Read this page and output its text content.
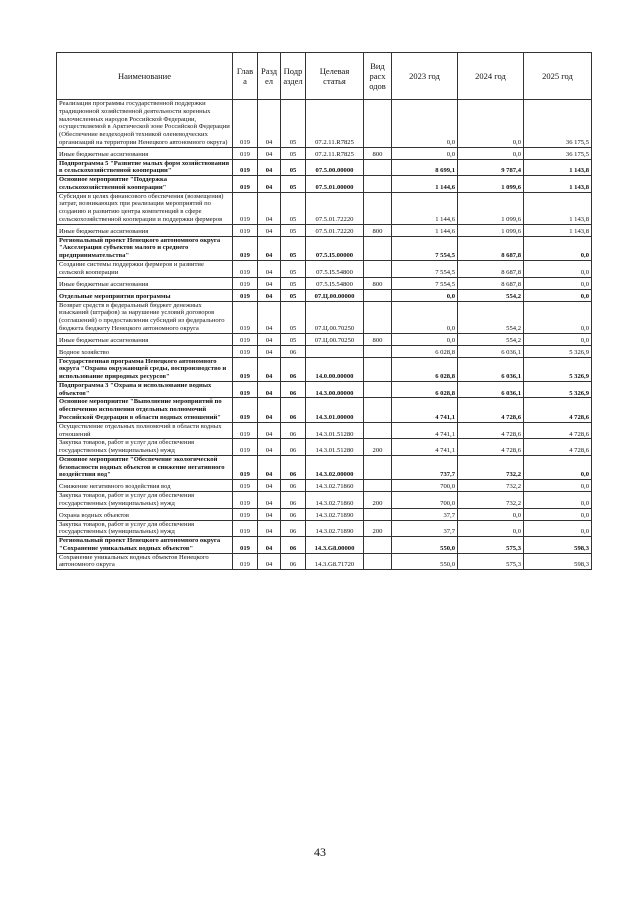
Наименование	Глав а	Разд ел	Подр аздел	Целевая статья	Вид расх одов	2023 год	2024 год	2025 год
Реализация программы государственной поддержки традиционной хозяйственной деятельности коренных малочисленных народов Российской Федерации, осуществляемой в Арктической зоне Российской Федерации (Обеспечение вездеходной техникой оленеводческих организаций на территории Ненецкого автономного округа)	019	04	05	07.2.11.R7825		0,0	0,0	36 175,5
Иные бюджетные ассигнования	019	04	05	07.2.11.R7825	800	0,0	0,0	36 175,5
Подпрограмма 5 "Развитие малых форм хозяйствования в сельскохозяйственной кооперации"	019	04	05	07.5.00.00000		8 699,1	9 787,4	1 143,8
Основное мероприятие "Поддержка сельскохозяйственной кооперации"	019	04	05	07.5.01.00000		1 144,6	1 099,6	1 143,8
Субсидия в целях финансового обеспечения (возмещения) затрат, возникающих при реализации мероприятий по созданию и развитию центра компетенций в сфере сельскохозяйственной кооперации и поддержки фермеров	019	04	05	07.5.01.72220		1 144,6	1 099,6	1 143,8
Иные бюджетные ассигнования	019	04	05	07.5.01.72220	800	1 144,6	1 099,6	1 143,8
Региональный проект Ненецкого автономного округа "Акселерация субъектов малого и среднего предпринимательства"	019	04	05	07.5.I5.00000		7 554,5	8 687,8	0,0
Создание системы поддержки фермеров и развитие сельской кооперации	019	04	05	07.5.I5.54800		7 554,5	8 687,8	0,0
Иные бюджетные ассигнования	019	04	05	07.5.I5.54800	800	7 554,5	8 687,8	0,0
Отдельные мероприятия программы	019	04	05	07.Ц.00.00000		0,0	554,2	0,0
Возврат средств в федеральный бюджет денежных взысканий (штрафов) за нарушение условий договоров (соглашений) о предоставлении субсидий из федерального бюджета бюджету Ненецкого автономного округа	019	04	05	07.Ц.00.70250		0,0	554,2	0,0
Иные бюджетные ассигнования	019	04	05	07.Ц.00.70250	800	0,0	554,2	0,0
Водное хозяйство	019	04	06			6 028,8	6 036,1	5 326,9
Государственная программа Ненецкого автономного округа "Охрана окружающей среды, воспроизводство и использование природных ресурсов"	019	04	06	14.0.00.00000		6 028,8	6 036,1	5 326,9
Подпрограмма 3 "Охрана и использование водных объектов"	019	04	06	14.3.00.00000		6 028,8	6 036,1	5 326,9
Основное мероприятие "Выполнение мероприятий по обеспечению исполнения отдельных полномочий Российской Федерации в области водных отношений"	019	04	06	14.3.01.00000		4 741,1	4 728,6	4 728,6
Осуществление отдельных полномочий в области водных отношений	019	04	06	14.3.01.51280		4 741,1	4 728,6	4 728,6
Закупка товаров, работ и услуг для обеспечения государственных (муниципальных) нужд	019	04	06	14.3.01.51280	200	4 741,1	4 728,6	4 728,6
Основное мероприятие "Обеспечение экологической безопасности водных объектов и снижение негативного воздействия вод"	019	04	06	14.3.02.00000		737,7	732,2	0,0
Снижение негативного воздействия вод	019	04	06	14.3.02.71860		700,0	732,2	0,0
Закупка товаров, работ и услуг для обеспечения государственных (муниципальных) нужд	019	04	06	14.3.02.71860	200	700,0	732,2	0,0
Охрана водных объектов	019	04	06	14.3.02.71890		37,7	0,0	0,0
Закупка товаров, работ и услуг для обеспечения государственных (муниципальных) нужд	019	04	06	14.3.02.71890	200	37,7	0,0	0,0
Региональный проект Ненецкого автономного округа "Сохранение уникальных водных объектов"	019	04	06	14.3.G8.00000		550,0	575,3	598,3
Сохранение уникальных водных объектов Ненецкого автономного округа	019	04	06	14.3.G8.71720		550,0	575,3	598,3
43
